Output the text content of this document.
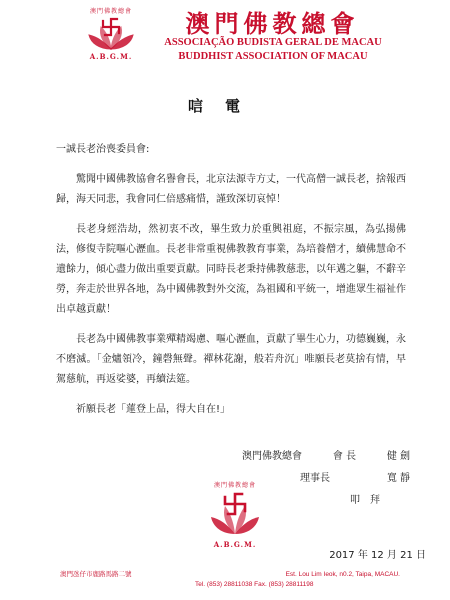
澳門佛教總會
A.B.G.M.
澳門佛教總會
ASSOCIAÇÃO BUDISTA GERAL DE MACAU
BUDDHIST ASSOCIATION OF MACAU
唁電

一誠長老治喪委員會:

驚聞中國佛教協會名譽會長，北京法源寺方丈，一代高僧一誠長老，捨報西歸，海天同悲，我會同仁倍感痛惜，謹致深切哀悼！

長老身經浩劫，然初衷不改，畢生致力於重興祖庭，不振宗風，為弘揚佛法，修復寺院嘔心瀝血。長老非常重視佛教教育事業，為培養僧才，續佛慧命不遺餘力，傾心盡力做出重要貢獻。同時長老秉持佛教慈悲，以年邁之軀，不辭辛勞，奔走於世界各地，為中國佛教對外交流，為祖國和平統一，增進眾生福祉作出卓越貢獻！

長老為中國佛教事業殫精竭慮、嘔心瀝血，貢獻了畢生心力，功德巍巍，永不磨滅。「金爐領冷，鐘磬無聲。禪林花謝，般若舟沉」唯願長老莫捨有情，早駕慈航，再返娑婆，再續法筵。

祈願長老「蓮登上品，得大自在!」

澳門佛教總會	會 長	健 劍
理事長	寬 靜
叩拜
澳門佛教總會
A.B.G.M.
2017 年 12 月 21 日
澳門氹仔市鹿路馬路二號	Est. Lou Lim Ieok, n0.2, Taipa, MACAU.
Tel. (853) 28811038 Fax. (853) 28811198
